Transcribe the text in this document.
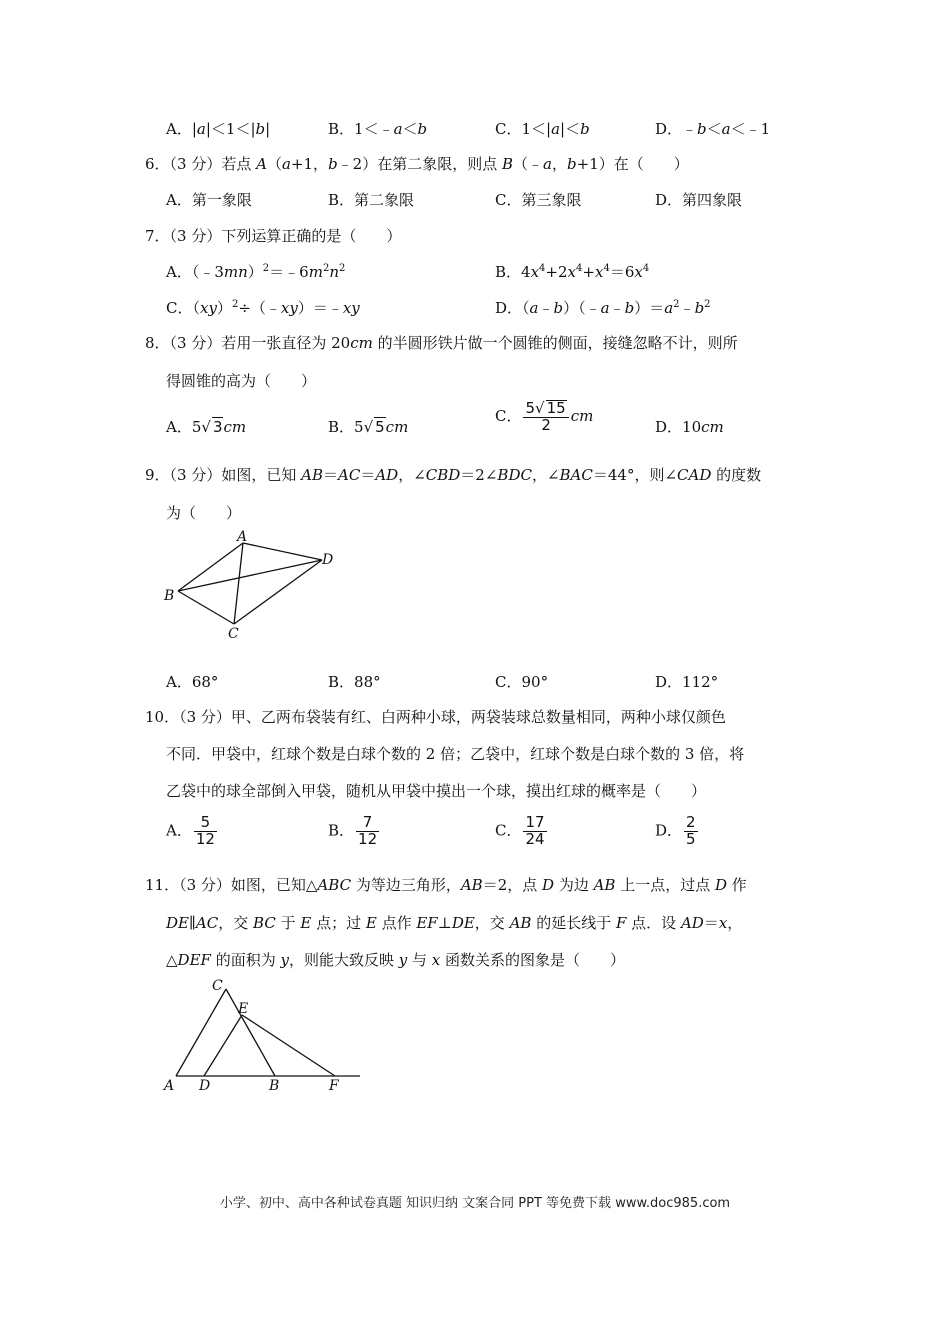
A．|a|＜1＜|b|	B．1＜﹣a＜b	C．1＜|a|＜b	D．﹣b＜a＜﹣1
6．（3 分）若点 A（a+1，b﹣2）在第二象限，则点 B（﹣a，b+1）在（　　）
A．第一象限	B．第二象限	C．第三象限	D．第四象限
7．（3 分）下列运算正确的是（　　）
A．$(﹣3mn)^2=﹣6m^2n^2$	B．$4x^4+2x^4+x^4=6x^4$
C．（xy）$^2$÷（﹣xy）＝﹣xy	D．$(a﹣b)(﹣a﹣b)=a^2﹣b^2$
8．（3 分）若用一张直径为 20cm 的半圆形铁片做一个圆锥的侧面，接缝忽略不计，则所
得圆锥的高为（　　）
A．5√ 3cm	B．5√ 5cm
C． $\frac{5√ 15}{2}$ cm
D．10cm
9．（3 分）如图，已知 AB＝AC＝AD，∠CBD＝2∠BDC，∠BAC＝44°，则∠CAD 的度数
为（　　）
A
B
C
D
A．68°	B．88°	C．90°	D．112°
10．（3 分）甲、乙两布袋装有红、白两种小球，两袋装球总数量相同，两种小球仅颜色
不同．甲袋中，红球个数是白球个数的 2 倍；乙袋中，红球个数是白球个数的 3 倍，将
乙袋中的球全部倒入甲袋，随机从甲袋中摸出一个球，摸出红球的概率是（　　）
A． $\frac{5}{12}$	B． $\frac{7}{12}$	C． $\frac{17}{24}$	D． $\frac{2}{5}$
11．（3 分）如图，已知△ABC 为等边三角形，AB＝2，点 D 为边 AB 上一点，过点 D 作
DE∥AC，交 BC 于 E 点；过 E 点作 EF⊥DE，交 AB 的延长线于 F 点．设 AD＝x，
△DEF 的面积为 y，则能大致反映 y 与 x 函数关系的图象是（　　）
C
E
A D	B	F
小学、初中、高中各种试卷真题 知识归纳 文案合同 PPT 等免费下载 www.doc985.com
